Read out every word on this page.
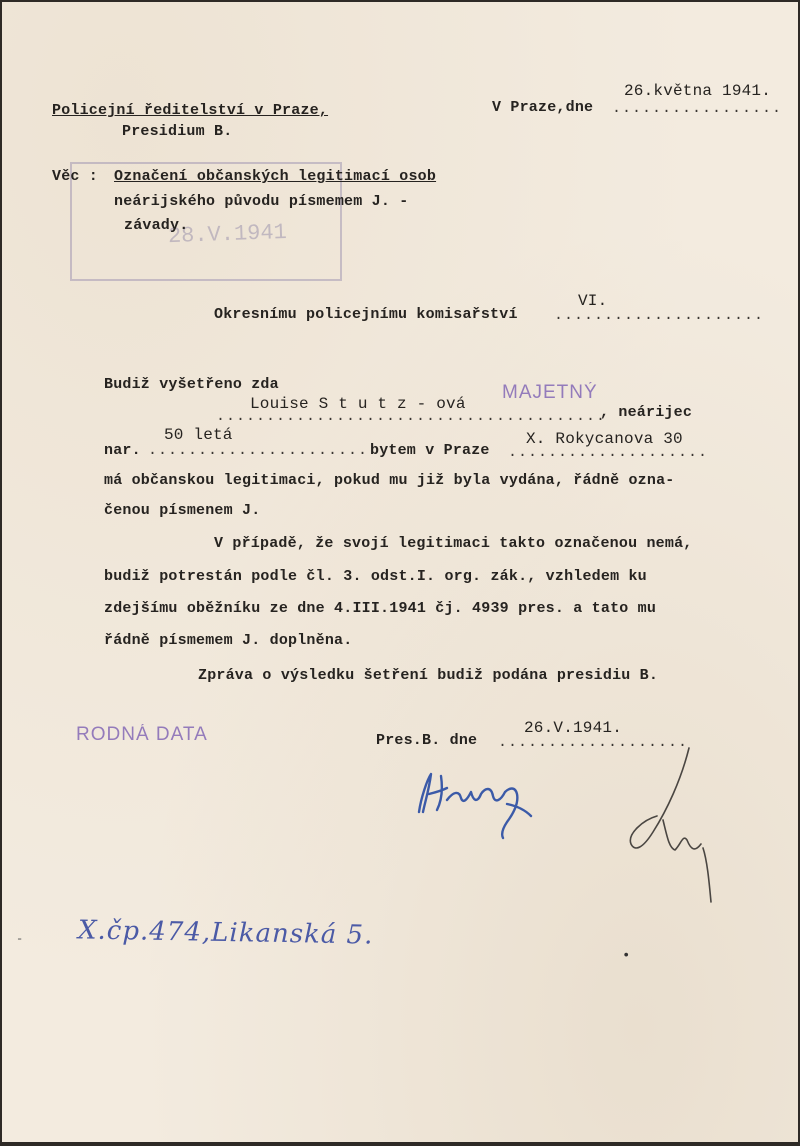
28.V.1941
Policejní ředitelství v Praze,
Presidium B.
26.května 1941.
V Praze,dne .................
Věc : Označení občanských legitimací osob
neárijského původu písmemem J. -
závady.
Okresnímu policejnímu komisařství .....................
VI.
Budiž vyšetřeno zda	MAJETNÝ
Louise S t u t z - ová
.......................................
, neárijec
nar.
50 letá
...................... bytem v Praze
X. Rokycanova 30
....................
má občanskou legitimaci, pokud mu již byla vydána, řádně ozna-
čenou písmenem J.
V případě, že svojí legitimaci takto označenou nemá,
budiž potrestán podle čl. 3. odst.I. org. zák., vzhledem ku
zdejšímu oběžníku ze dne 4.III.1941 čj. 4939 pres. a tato mu
řádně písmemem J. doplněna.
Zpráva o výsledku šetření budiž podána presidiu B.
RODNÁ DATA	Pres.B. dne
26.V.1941.
...................
X.čp.474,Likanská 5.
-
•
